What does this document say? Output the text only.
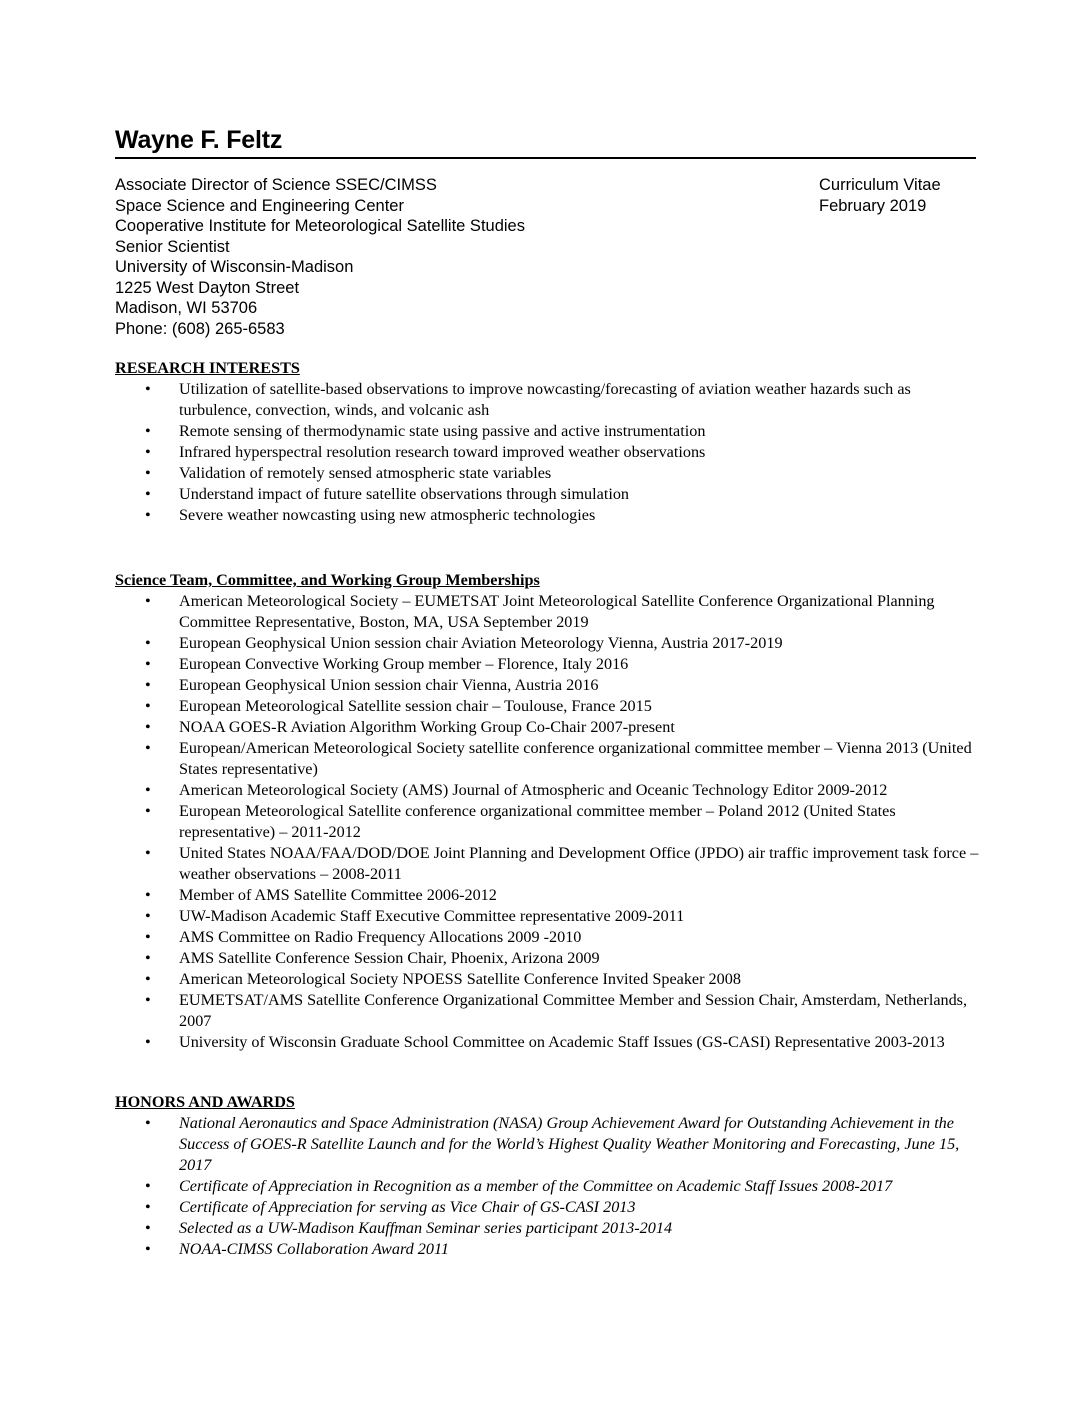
Wayne F. Feltz
Associate Director of Science SSEC/CIMSS
Space Science and Engineering Center
Cooperative Institute for Meteorological Satellite Studies
Senior Scientist
University of Wisconsin-Madison
1225 West Dayton Street
Madison, WI 53706
Phone: (608) 265-6583
Curriculum Vitae
February 2019
RESEARCH INTERESTS
• Utilization of satellite-based observations to improve nowcasting/forecasting of aviation weather hazards such as turbulence, convection, winds, and volcanic ash
• Remote sensing of thermodynamic state using passive and active instrumentation
• Infrared hyperspectral resolution research toward improved weather observations
• Validation of remotely sensed atmospheric state variables
• Understand impact of future satellite observations through simulation
• Severe weather nowcasting using new atmospheric technologies
Science Team, Committee, and Working Group Memberships
• American Meteorological Society – EUMETSAT Joint Meteorological Satellite Conference Organizational Planning Committee Representative, Boston, MA, USA September 2019
• European Geophysical Union session chair Aviation Meteorology Vienna, Austria 2017-2019
• European Convective Working Group member – Florence, Italy 2016
• European Geophysical Union session chair Vienna, Austria 2016
• European Meteorological Satellite session chair – Toulouse, France 2015
• NOAA GOES-R Aviation Algorithm Working Group Co-Chair 2007-present
• European/American Meteorological Society satellite conference organizational committee member – Vienna 2013 (United States representative)
• American Meteorological Society (AMS) Journal of Atmospheric and Oceanic Technology Editor 2009-2012
• European Meteorological Satellite conference organizational committee member – Poland 2012 (United States representative) – 2011-2012
• United States NOAA/FAA/DOD/DOE Joint Planning and Development Office (JPDO) air traffic improvement task force – weather observations – 2008-2011
• Member of AMS Satellite Committee 2006-2012
• UW-Madison Academic Staff Executive Committee representative 2009-2011
• AMS Committee on Radio Frequency Allocations 2009 -2010
• AMS Satellite Conference Session Chair, Phoenix, Arizona 2009
• American Meteorological Society NPOESS Satellite Conference Invited Speaker 2008
• EUMETSAT/AMS Satellite Conference Organizational Committee Member and Session Chair, Amsterdam, Netherlands, 2007
• University of Wisconsin Graduate School Committee on Academic Staff Issues (GS-CASI) Representative 2003-2013
HONORS AND AWARDS
• National Aeronautics and Space Administration (NASA) Group Achievement Award for Outstanding Achievement in the Success of GOES-R Satellite Launch and for the World’s Highest Quality Weather Monitoring and Forecasting, June 15, 2017
• Certificate of Appreciation in Recognition as a member of the Committee on Academic Staff Issues 2008-2017
• Certificate of Appreciation for serving as Vice Chair of GS-CASI 2013
• Selected as a UW-Madison Kauffman Seminar series participant 2013-2014
• NOAA-CIMSS Collaboration Award 2011
